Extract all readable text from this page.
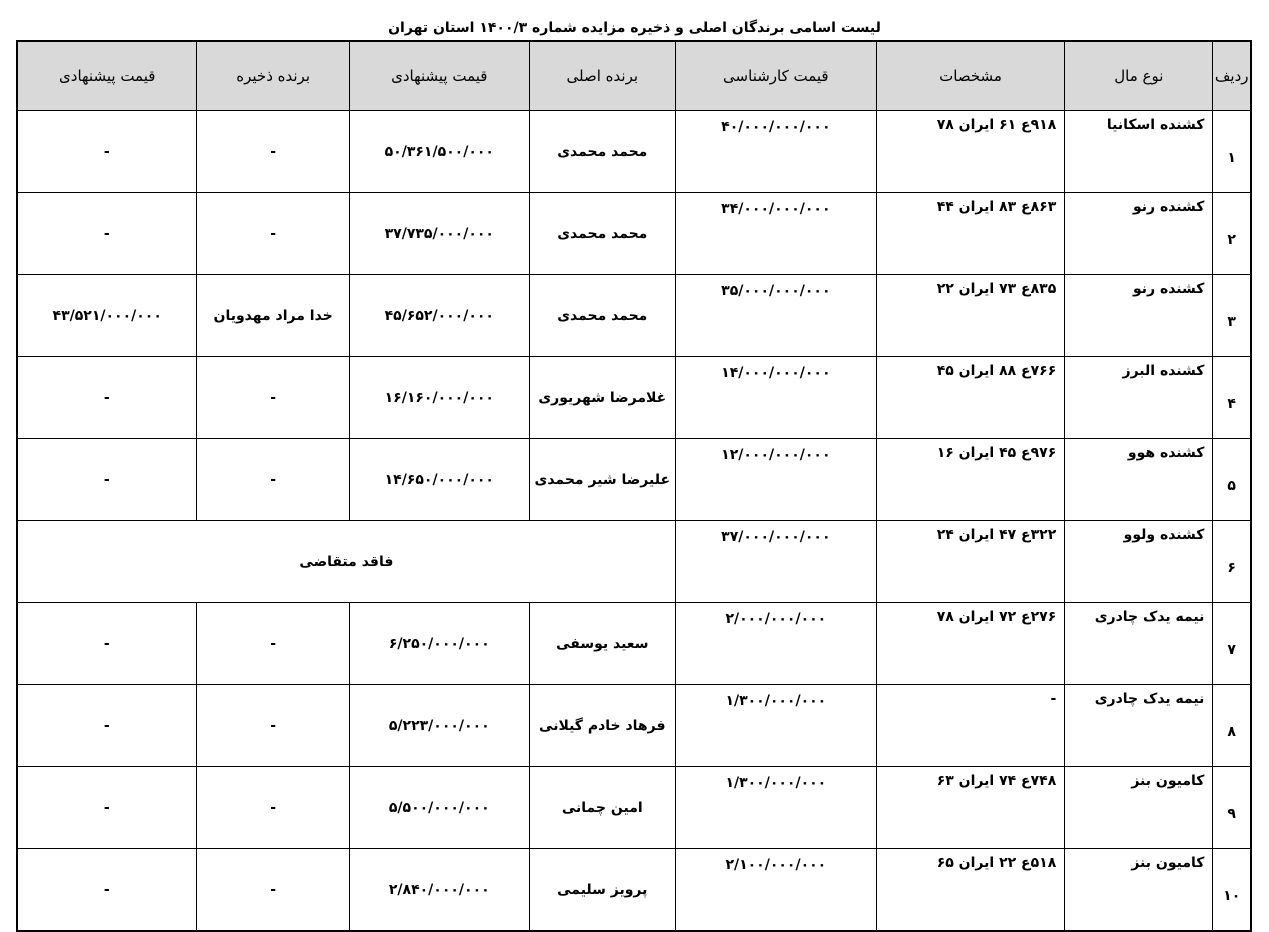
لیست اسامی برندگان اصلی و ذخیره مزایده شماره ۱۴۰۰/۳ استان تهران
ردیف	نوع مال	مشخصات	قیمت کارشناسی	برنده اصلی	قیمت پیشنهادی	برنده ذخیره	قیمت پیشنهادی
۱	کشنده اسکانیا	۹۱۸ع ۶۱ ایران ۷۸	۴۰/۰۰۰/۰۰۰/۰۰۰	محمد محمدی	۵۰/۳۶۱/۵۰۰/۰۰۰	-	-
۲	کشنده رنو	۸۶۳ع ۸۳ ایران ۴۴	۳۴/۰۰۰/۰۰۰/۰۰۰	محمد محمدی	۳۷/۷۳۵/۰۰۰/۰۰۰	-	-
۳	کشنده رنو	۸۳۵ع ۷۳ ایران ۲۲	۳۵/۰۰۰/۰۰۰/۰۰۰	محمد محمدی	۴۵/۶۵۲/۰۰۰/۰۰۰	خدا مراد مهدویان	۴۳/۵۲۱/۰۰۰/۰۰۰
۴	کشنده البرز	۷۶۶ع ۸۸ ایران ۴۵	۱۴/۰۰۰/۰۰۰/۰۰۰	غلامرضا شهریوری	۱۶/۱۶۰/۰۰۰/۰۰۰	-	-
۵	کشنده هوو	۹۷۶ع ۴۵ ایران ۱۶	۱۲/۰۰۰/۰۰۰/۰۰۰	علیرضا شیر محمدی	۱۴/۶۵۰/۰۰۰/۰۰۰	-	-
۶	کشنده ولوو	۳۲۲ع ۴۷ ایران ۲۴	۳۷/۰۰۰/۰۰۰/۰۰۰	فاقد متقاضی			
۷	نیمه یدک چادری	۲۷۶ع ۷۲ ایران ۷۸	۲/۰۰۰/۰۰۰/۰۰۰	سعید یوسفی	۶/۲۵۰/۰۰۰/۰۰۰	-	-
۸	نیمه یدک چادری	-	۱/۳۰۰/۰۰۰/۰۰۰	فرهاد خادم گیلانی	۵/۲۲۳/۰۰۰/۰۰۰	-	-
۹	کامیون بنز	۷۴۸ع ۷۴ ایران ۶۳	۱/۳۰۰/۰۰۰/۰۰۰	امین چمانی	۵/۵۰۰/۰۰۰/۰۰۰	-	-
۱۰	کامیون بنز	۵۱۸ع ۲۲ ایران ۶۵	۲/۱۰۰/۰۰۰/۰۰۰	پرویز سلیمی	۲/۸۴۰/۰۰۰/۰۰۰	-	-
